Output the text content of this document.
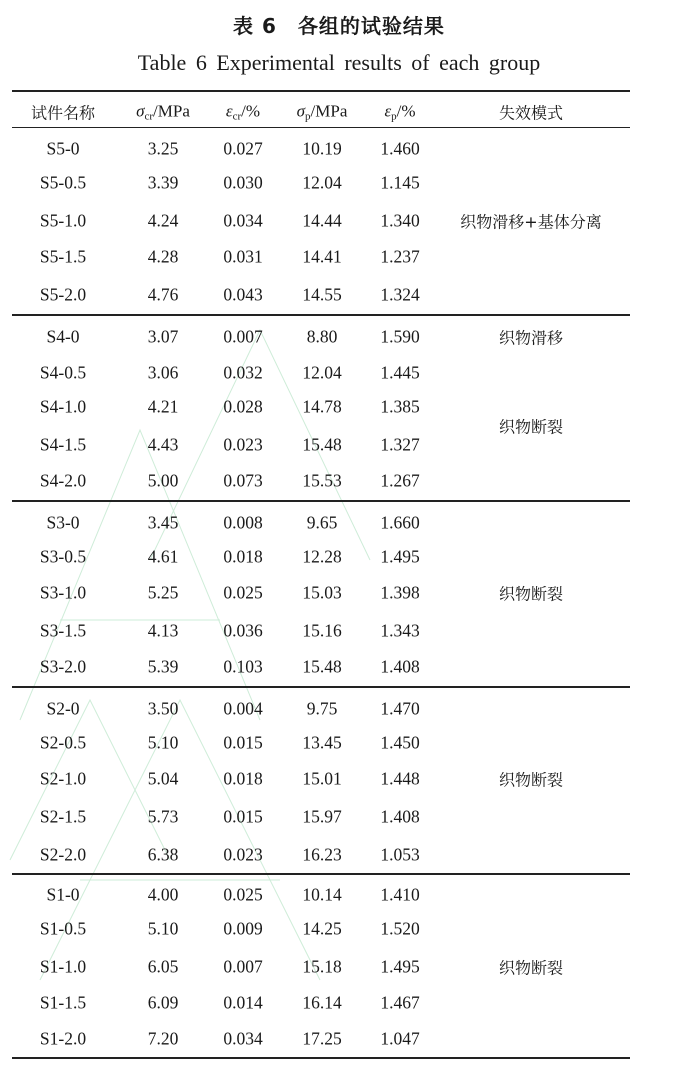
表 6　各组的试验结果
Table 6 Experimental results of each group
试件名称 $\sigma_{cr}$/MPa $\varepsilon_{cr}/\%$ $\sigma_p$/MPa $\varepsilon_p/\%$	失效模式
S5-0	3.25	0.027 10.19 1.460
S5-0.5	3.39	0.030 12.04 1.145
S5-1.0	4.24	0.034 14.44 1.340
S5-1.5	4.28	0.031 14.41 1.237
S5-2.0	4.76	0.043 14.55 1.324
织物滑移+基体分离
S4-0	3.07	0.007	8.80 1.590
S4-0.5	3.06	0.032 12.04 1.445
S4-1.0	4.21	0.028 14.78 1.385
S4-1.5	4.43	0.023 15.48 1.327
S4-2.0	5.00	0.073 15.53 1.267
织物滑移
织物断裂
S3-0	3.45	0.008	9.65 1.660
S3-0.5	4.61	0.018 12.28 1.495
S3-1.0	5.25	0.025 15.03 1.398
S3-1.5	4.13	0.036 15.16 1.343
S3-2.0	5.39	0.103 15.48 1.408
织物断裂
S2-0	3.50	0.004	9.75 1.470
S2-0.5	5.10	0.015 13.45 1.450
S2-1.0	5.04	0.018 15.01 1.448
S2-1.5	5.73	0.015 15.97 1.408
S2-2.0	6.38	0.023 16.23 1.053
织物断裂
S1-0	4.00	0.025 10.14 1.410
S1-0.5	5.10	0.009 14.25 1.520
S1-1.0	6.05	0.007 15.18 1.495
S1-1.5	6.09	0.014 16.14 1.467
S1-2.0	7.20	0.034 17.25 1.047
织物断裂
